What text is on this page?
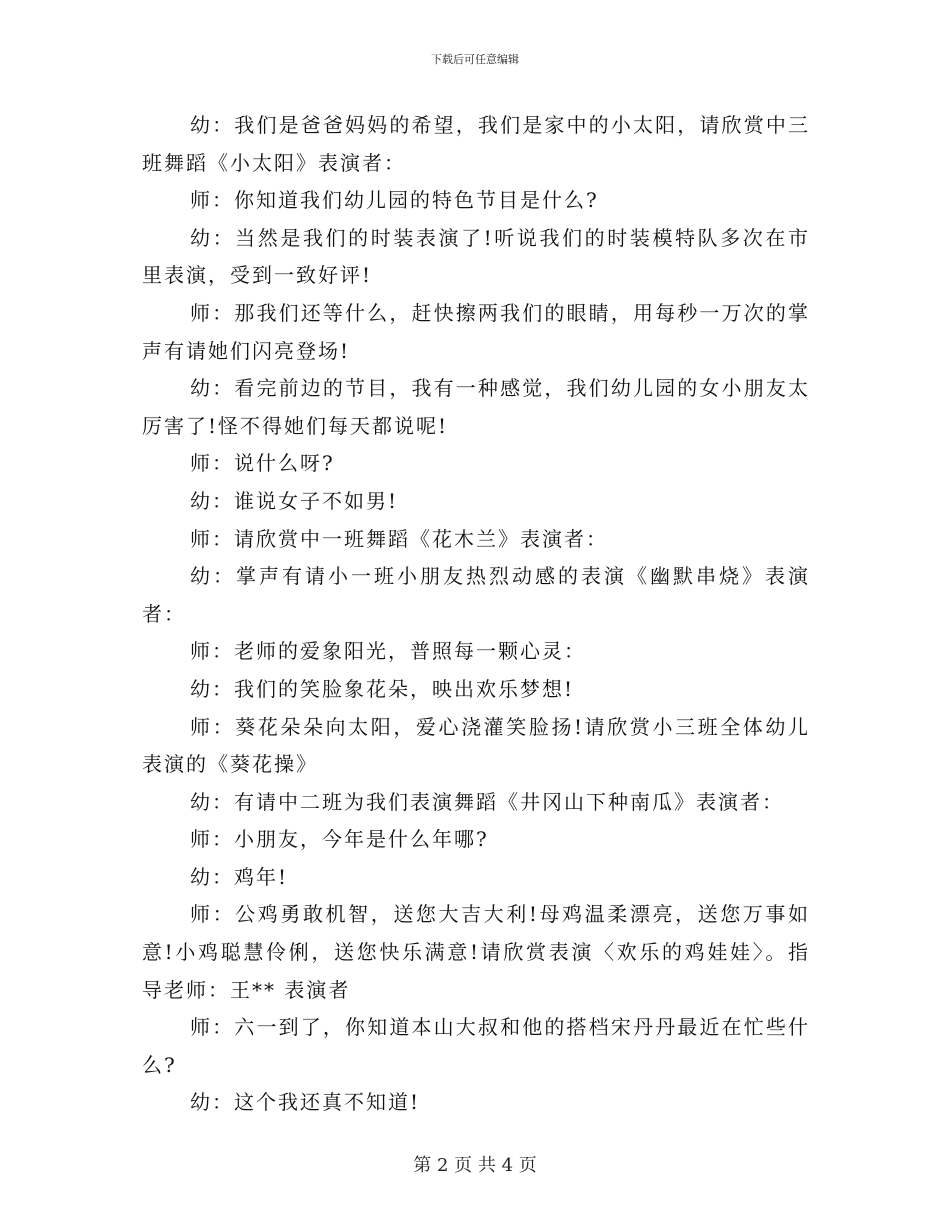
下载后可任意编辑

幼：我们是爸爸妈妈的希望，我们是家中的小太阳，请欣赏中三班舞蹈《小太阳》表演者：

师：你知道我们幼儿园的特色节目是什么?

幼：当然是我们的时装表演了!听说我们的时装模特队多次在市里表演，受到一致好评!

师：那我们还等什么，赶快擦两我们的眼睛，用每秒一万次的掌声有请她们闪亮登场!

幼：看完前边的节目，我有一种感觉，我们幼儿园的女小朋友太厉害了!怪不得她们每天都说呢!

师：说什么呀?

幼：谁说女子不如男!

师：请欣赏中一班舞蹈《花木兰》表演者：

幼：掌声有请小一班小朋友热烈动感的表演《幽默串烧》表演者：

师：老师的爱象阳光，普照每一颗心灵：

幼：我们的笑脸象花朵，映出欢乐梦想!

师：葵花朵朵向太阳，爱心浇灌笑脸扬!请欣赏小三班全体幼儿表演的《葵花操》

幼：有请中二班为我们表演舞蹈《井冈山下种南瓜》表演者：

师：小朋友，今年是什么年哪?

幼：鸡年!

师：公鸡勇敢机智，送您大吉大利!母鸡温柔漂亮，送您万事如意!小鸡聪慧伶俐，送您快乐满意!请欣赏表演〈欢乐的鸡娃娃〉。指导老师：王** 表演者

师：六一到了，你知道本山大叔和他的搭档宋丹丹最近在忙些什么?

幼：这个我还真不知道!

第 2 页 共 4 页
